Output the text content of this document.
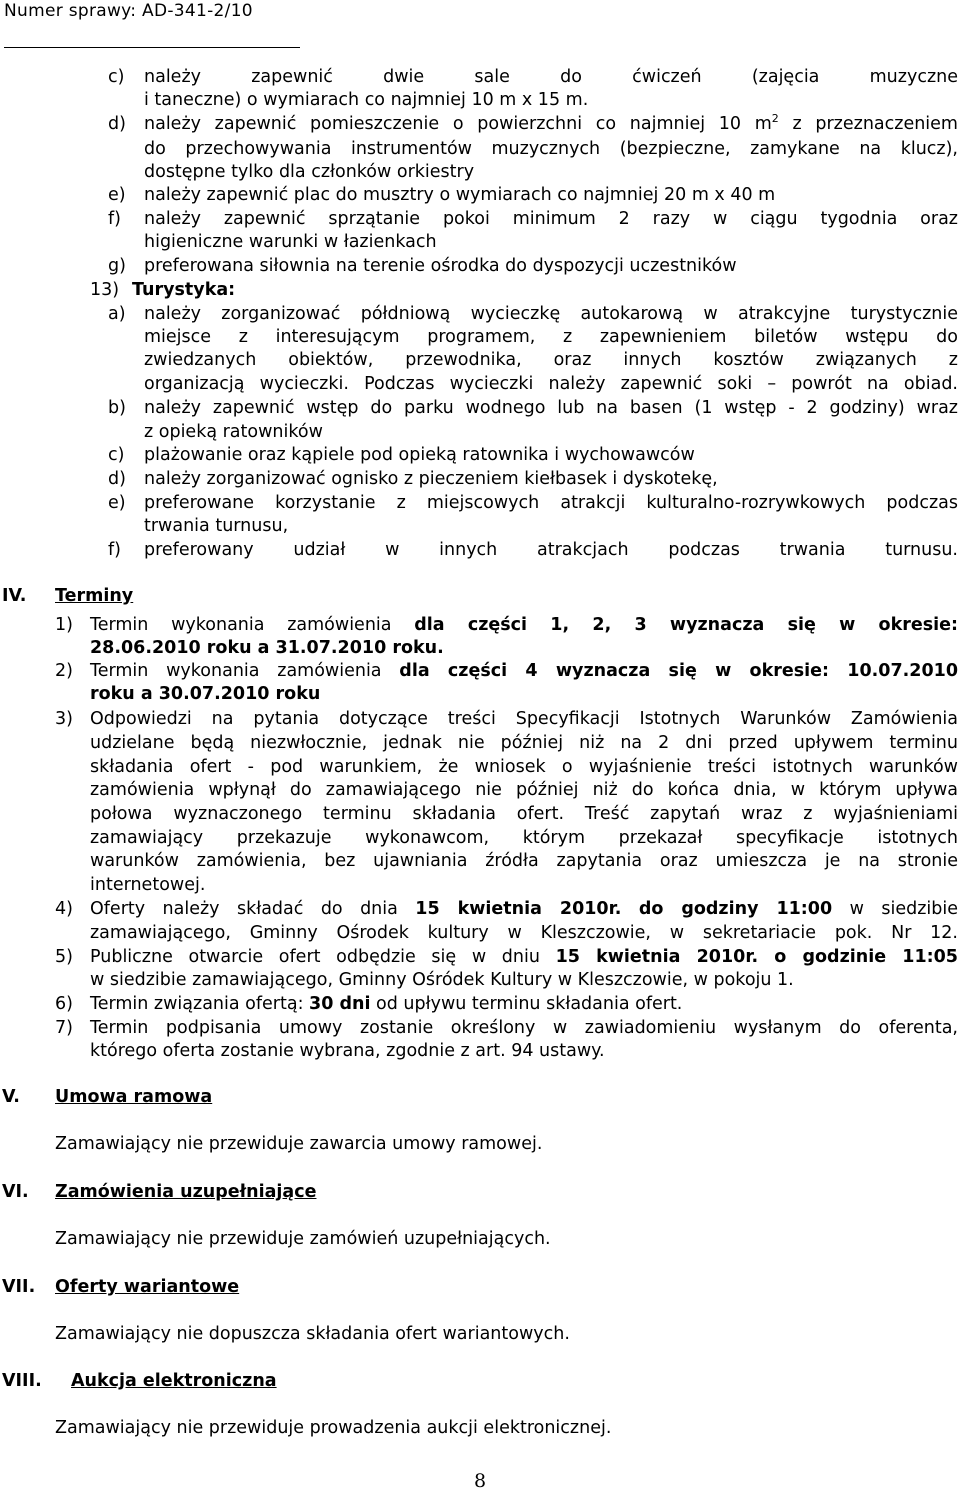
Numer sprawy: AD-341-2/10
c) należy zapewnić dwie sale do ćwiczeń (zajęcia muzyczne
i taneczne) o wymiarach co najmniej 10 m x 15 m.
d) należy zapewnić pomieszczenie o powierzchni co najmniej 10 $m^2$ z przeznaczeniem
do przechowywania instrumentów muzycznych (bezpieczne, zamykane na klucz),
dostępne tylko dla członków orkiestry
e) należy zapewnić plac do musztry o wymiarach co najmniej 20 m x 40 m
f) należy zapewnić sprzątanie pokoi minimum 2 razy w ciągu tygodnia oraz
higieniczne warunki w łazienkach
g) preferowana siłownia na terenie ośrodka do dyspozycji uczestników
13) Turystyka:
a) należy zorganizować półdniową wycieczkę autokarową w atrakcyjne turystycznie
miejsce z interesującym programem, z zapewnieniem biletów wstępu do
zwiedzanych obiektów, przewodnika, oraz innych kosztów związanych z
organizacją wycieczki. Podczas wycieczki należy zapewnić soki – powrót na obiad.
b) należy zapewnić wstęp do parku wodnego lub na basen (1 wstęp - 2 godziny) wraz
z opieką ratowników
c) plażowanie oraz kąpiele pod opieką ratownika i wychowawców
d) należy zorganizować ognisko z pieczeniem kiełbasek i dyskotekę,
e) preferowane korzystanie z miejscowych atrakcji kulturalno-rozrywkowych podczas
trwania turnusu,
f) preferowany udział w innych atrakcjach podczas trwania turnusu.
IV. Terminy
1) Termin wykonania zamówienia dla części 1, 2, 3 wyznacza się w okresie:
28.06.2010 roku a 31.07.2010 roku.
2) Termin wykonania zamówienia dla części 4 wyznacza się w okresie: 10.07.2010
roku a 30.07.2010 roku
3) Odpowiedzi na pytania dotyczące treści Specyfikacji Istotnych Warunków Zamówienia
udzielane będą niezwłocznie, jednak nie później niż na 2 dni przed upływem terminu
składania ofert - pod warunkiem, że wniosek o wyjaśnienie treści istotnych warunków
zamówienia wpłynął do zamawiającego nie później niż do końca dnia, w którym upływa
połowa wyznaczonego terminu składania ofert. Treść zapytań wraz z wyjaśnieniami
zamawiający przekazuje wykonawcom, którym przekazał specyfikacje istotnych
warunków zamówienia, bez ujawniania źródła zapytania oraz umieszcza je na stronie
internetowej.
4) Oferty należy składać do dnia 15 kwietnia 2010r. do godziny 11:00 w siedzibie
zamawiającego, Gminny Ośrodek kultury w Kleszczowie, w sekretariacie pok. Nr 12.
5) Publiczne otwarcie ofert odbędzie się w dniu 15 kwietnia 2010r. o godzinie 11:05
w siedzibie zamawiającego, Gminny Ośródek Kultury w Kleszczowie, w pokoju 1.
6) Termin związania ofertą: 30 dni od upływu terminu składania ofert.
7) Termin podpisania umowy zostanie określony w zawiadomieniu wysłanym do oferenta,
którego oferta zostanie wybrana, zgodnie z art. 94 ustawy.
V. Umowa ramowa
Zamawiający nie przewiduje zawarcia umowy ramowej.
VI. Zamówienia uzupełniające
Zamawiający nie przewiduje zamówień uzupełniających.
VII. Oferty wariantowe
Zamawiający nie dopuszcza składania ofert wariantowych.
VIII. Aukcja elektroniczna
Zamawiający nie przewiduje prowadzenia aukcji elektronicznej.
8
